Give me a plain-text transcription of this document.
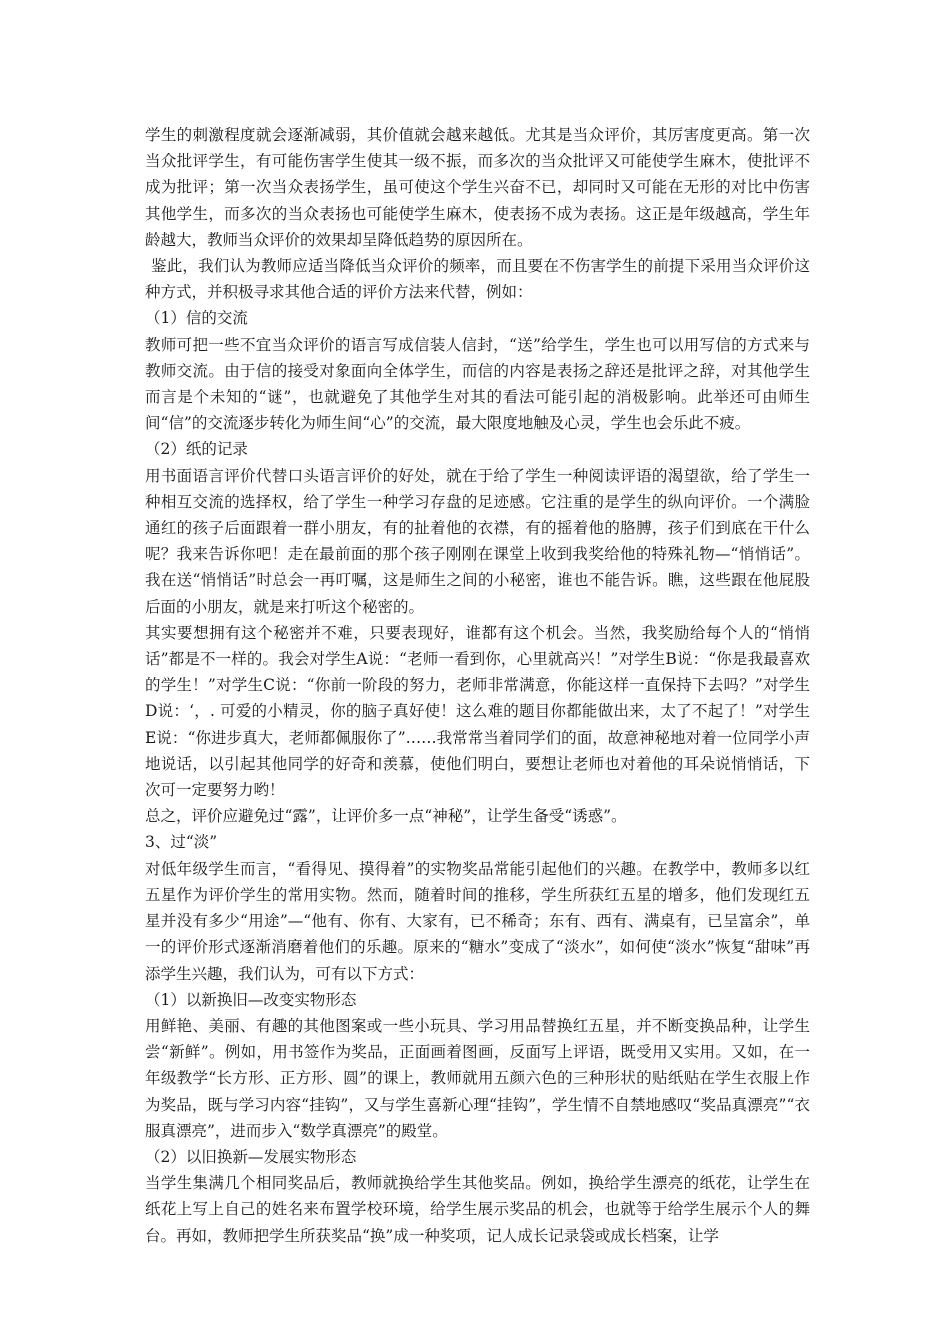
学生的刺激程度就会逐渐减弱，其价值就会越来越低。尤其是当众评价，其厉害度更高。第一次当众批评学生，有可能伤害学生使其一级不振，而多次的当众批评又可能使学生麻木，使批评不成为批评；第一次当众表扬学生，虽可使这个学生兴奋不已，却同时又可能在无形的对比中伤害其他学生，而多次的当众表扬也可能使学生麻木，使表扬不成为表扬。这正是年级越高，学生年龄越大，教师当众评价的效果却呈降低趋势的原因所在。

鉴此，我们认为教师应适当降低当众评价的频率，而且要在不伤害学生的前提下采用当众评价这种方式，并积极寻求其他合适的评价方法来代替，例如：

（1）信的交流

教师可把一些不宜当众评价的语言写成信装人信封，“送”给学生，学生也可以用写信的方式来与教师交流。由于信的接受对象面向全体学生，而信的内容是表扬之辞还是批评之辞，对其他学生而言是个未知的“谜”，也就避免了其他学生对其的看法可能引起的消极影响。此举还可由师生间“信”的交流逐步转化为师生间“心”的交流，最大限度地触及心灵，学生也会乐此不疲。

（2）纸的记录

用书面语言评价代替口头语言评价的好处，就在于给了学生一种阅读评语的渴望欲，给了学生一种相互交流的选择权，给了学生一种学习存盘的足迹感。它注重的是学生的纵向评价。一个满脸通红的孩子后面跟着一群小朋友，有的扯着他的衣襟，有的摇着他的胳膊，孩子们到底在干什么呢？我来告诉你吧！走在最前面的那个孩子刚刚在课堂上收到我奖给他的特殊礼物—“悄悄话”。我在送“悄悄话”时总会一再叮嘱，这是师生之间的小秘密，谁也不能告诉。瞧，这些跟在他屁股后面的小朋友，就是来打听这个秘密的。

其实要想拥有这个秘密并不难，只要表现好，谁都有这个机会。当然，我奖励给每个人的“悄悄话”都是不一样的。我会对学生A说：“老师一看到你，心里就高兴！”对学生B说：“你是我最喜欢的学生！”对学生C说：“你前一阶段的努力，老师非常满意，你能这样一直保持下去吗？”对学生D说：‘，. 可爱的小精灵，你的脑子真好使！这么难的题目你都能做出来，太了不起了！”对学生E说：“你进步真大，老师都佩服你了”……我常常当着同学们的面，故意神秘地对着一位同学小声地说话，以引起其他同学的好奇和羡慕，使他们明白，要想让老师也对着他的耳朵说悄悄话，下次可一定要努力哟！

总之，评价应避免过“露”，让评价多一点“神秘”，让学生备受“诱惑”。

3、过“淡”

对低年级学生而言，“看得见、摸得着”的实物奖品常能引起他们的兴趣。在教学中，教师多以红五星作为评价学生的常用实物。然而，随着时间的推移，学生所获红五星的增多，他们发现红五星并没有多少“用途”—“他有、你有、大家有，已不稀奇；东有、西有、满桌有，已呈富余”，单一的评价形式逐渐消磨着他们的乐趣。原来的“糖水”变成了“淡水”，如何使“淡水”恢复“甜味”再添学生兴趣，我们认为，可有以下方式：

（1）以新换旧—改变实物形态

用鲜艳、美丽、有趣的其他图案或一些小玩具、学习用品替换红五星，并不断变换品种，让学生尝“新鲜”。例如，用书签作为奖品，正面画着图画，反面写上评语，既受用又实用。又如，在一年级教学“长方形、正方形、圆”的课上，教师就用五颜六色的三种形状的贴纸贴在学生衣服上作为奖品，既与学习内容“挂钩”，又与学生喜新心理“挂钩”，学生情不自禁地感叹“奖品真漂亮”“衣服真漂亮”，进而步入“数学真漂亮”的殿堂。

（2）以旧换新—发展实物形态

当学生集满几个相同奖品后，教师就换给学生其他奖品。例如，换给学生漂亮的纸花，让学生在纸花上写上自己的姓名来布置学校环境，给学生展示奖品的机会，也就等于给学生展示个人的舞台。再如，教师把学生所获奖品“换”成一种奖项，记人成长记录袋或成长档案，让学
